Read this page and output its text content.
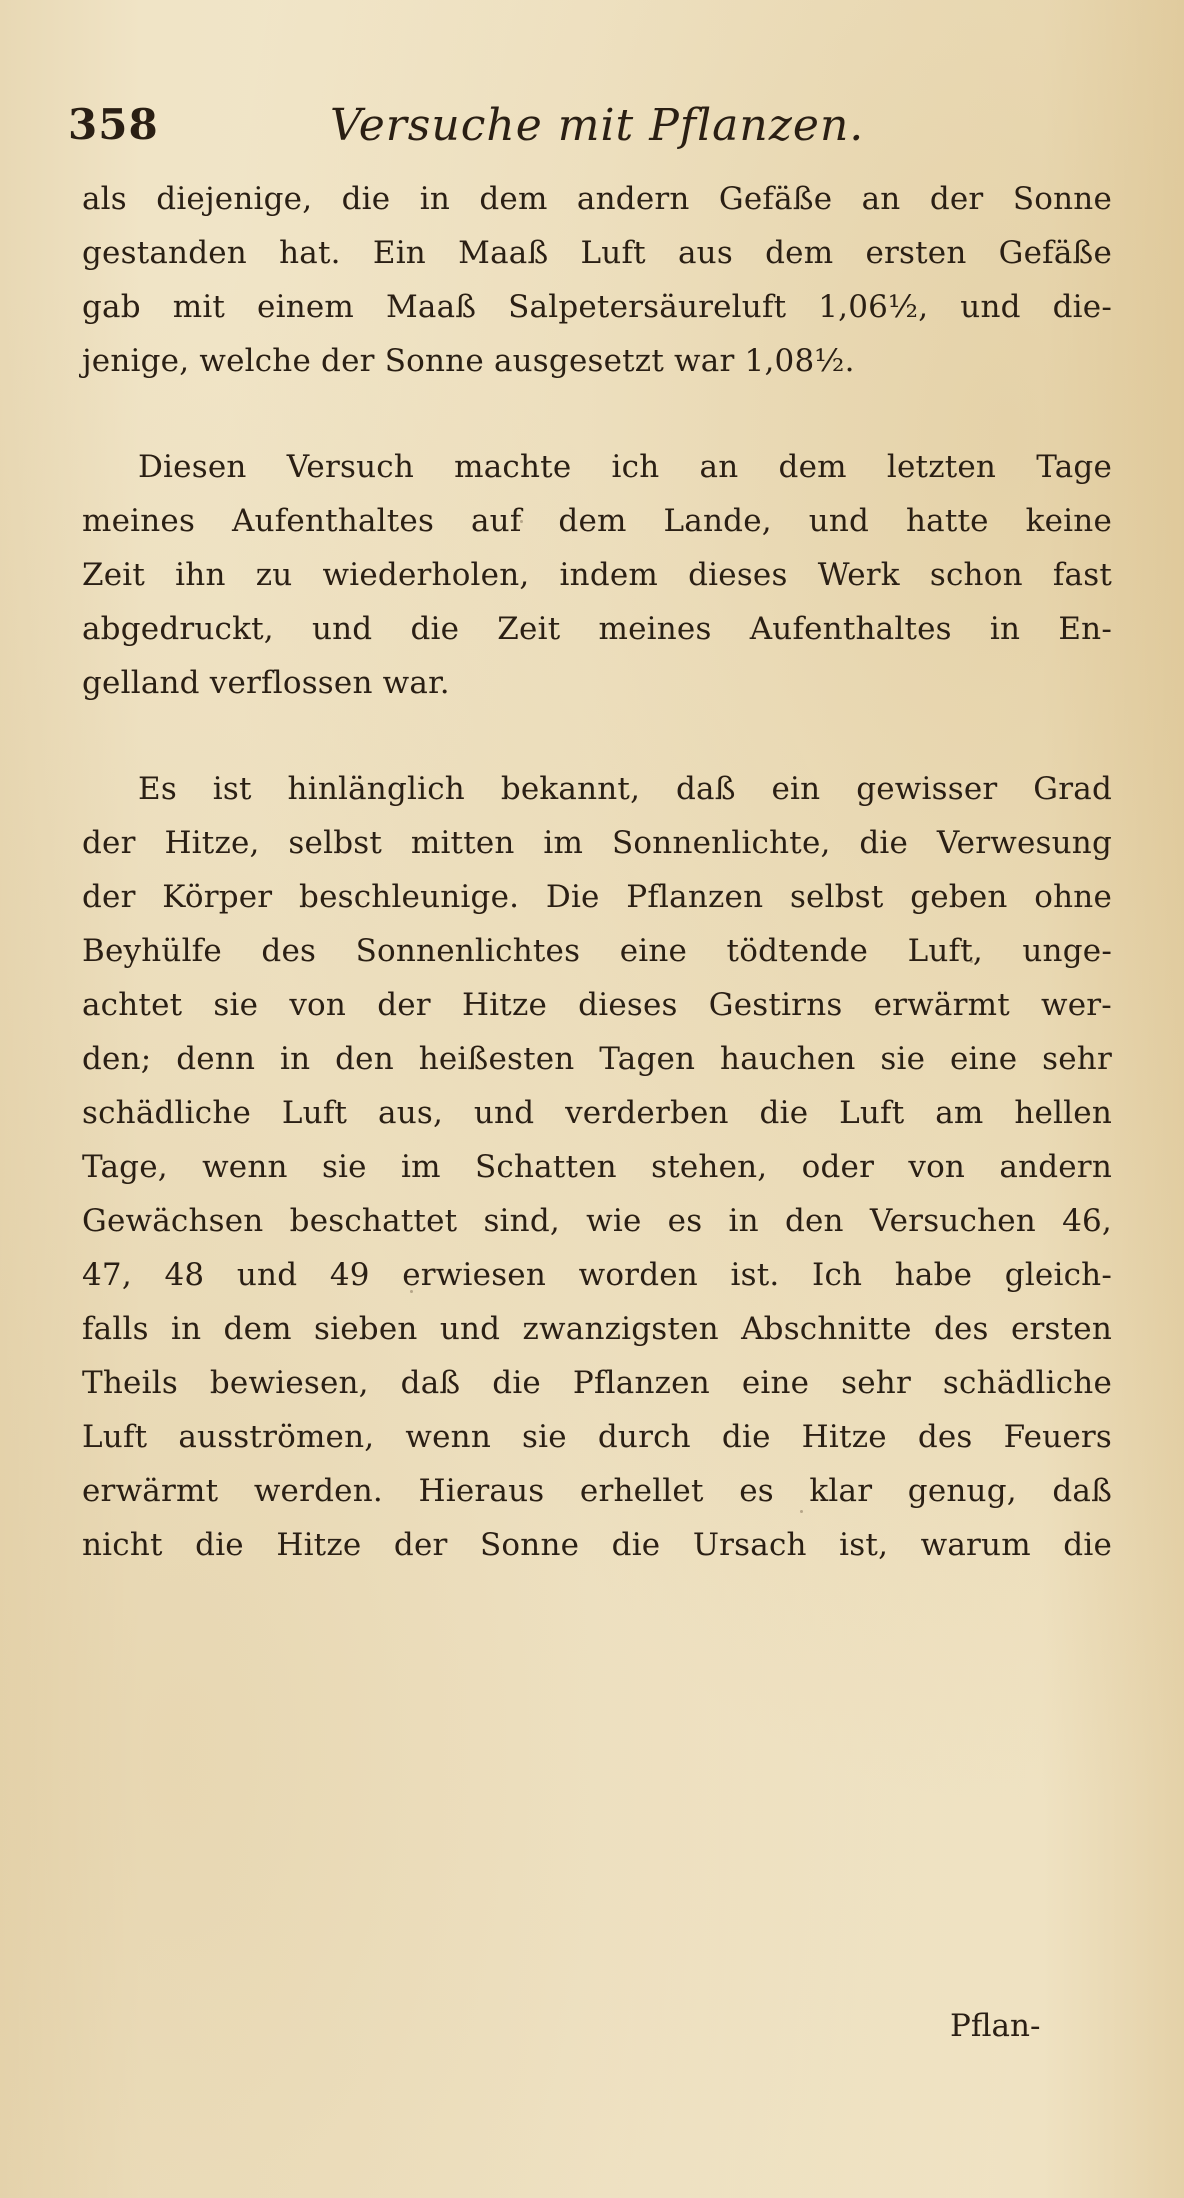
358	Versuche mit Pflanzen.
als diejenige, die in dem andern Gefäße an der Sonne
gestanden hat. Ein Maaß Luft aus dem ersten Gefäße
gab mit einem Maaß Salpetersäureluft 1,06½, und die-
jenige, welche der Sonne ausgesetzt war 1,08½.
Diesen Versuch machte ich an dem letzten Tage
meines Aufenthaltes auf dem Lande, und hatte keine
Zeit ihn zu wiederholen, indem dieses Werk schon fast
abgedruckt, und die Zeit meines Aufenthaltes in En-
gelland verflossen war.
Es ist hinlänglich bekannt, daß ein gewisser Grad
der Hitze, selbst mitten im Sonnenlichte, die Verwesung
der Körper beschleunige. Die Pflanzen selbst geben ohne
Beyhülfe des Sonnenlichtes eine tödtende Luft, unge-
achtet sie von der Hitze dieses Gestirns erwärmt wer-
den; denn in den heißesten Tagen hauchen sie eine sehr
schädliche Luft aus, und verderben die Luft am hellen
Tage, wenn sie im Schatten stehen, oder von andern
Gewächsen beschattet sind, wie es in den Versuchen 46,
47, 48 und 49 erwiesen worden ist. Ich habe gleich-
falls in dem sieben und zwanzigsten Abschnitte des ersten
Theils bewiesen, daß die Pflanzen eine sehr schädliche
Luft ausströmen, wenn sie durch die Hitze des Feuers
erwärmt werden. Hieraus erhellet es klar genug, daß
nicht die Hitze der Sonne die Ursach ist, warum die
Pflan-
